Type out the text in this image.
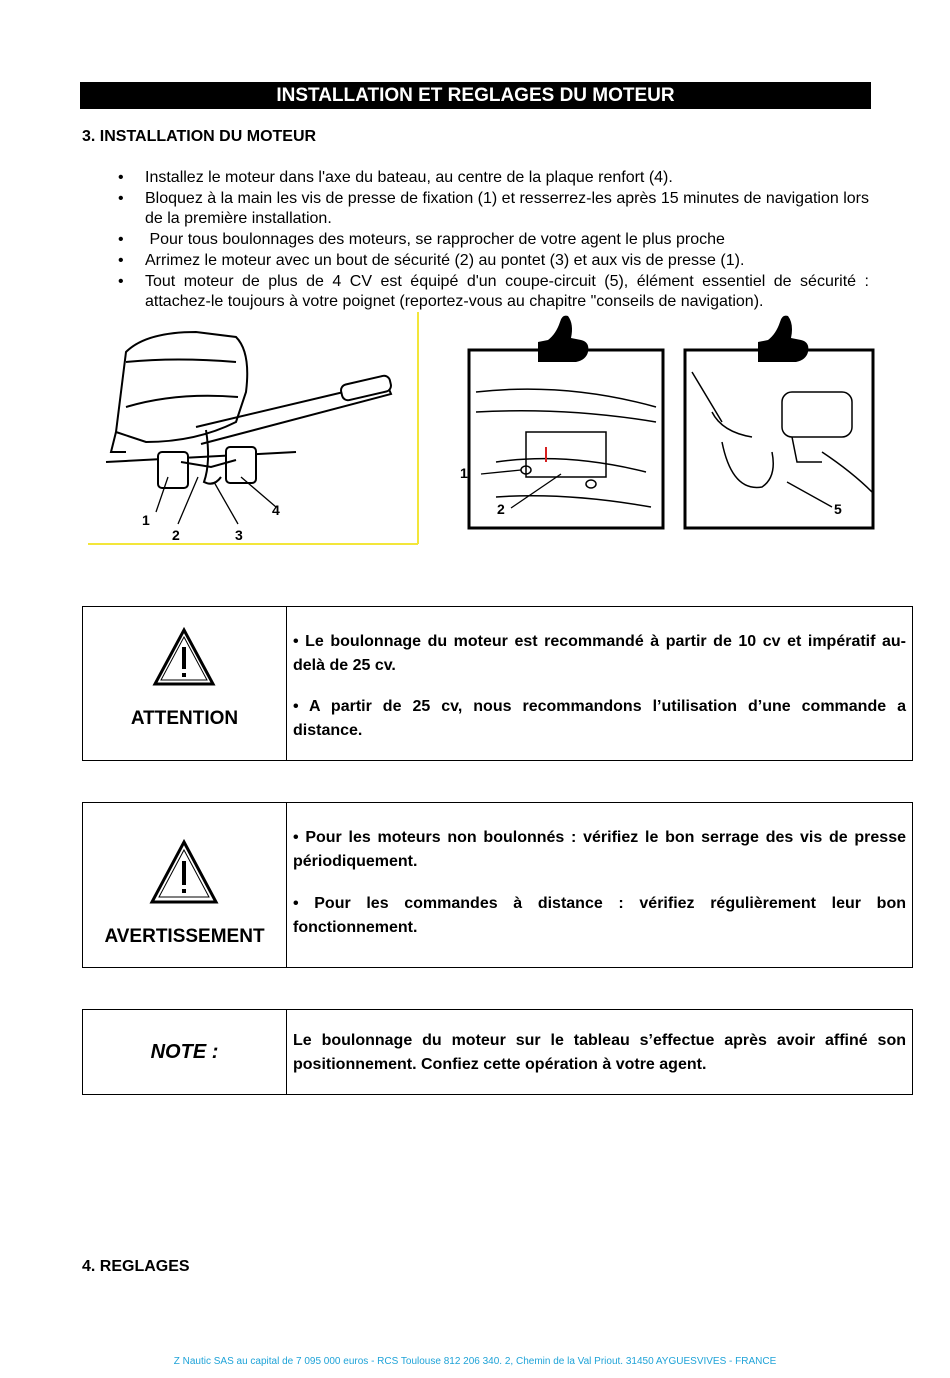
INSTALLATION ET REGLAGES DU MOTEUR
3. INSTALLATION DU MOTEUR
• Installez le moteur dans l'axe du bateau, au centre de la plaque renfort (4).
• Bloquez à la main les vis de presse de fixation (1) et resserrez-les après 15 minutes de navigation lors de la première installation.
• Pour tous boulonnages des moteurs, se rapprocher de votre agent le plus proche
• Arrimez le moteur avec un bout de sécurité (2) au pontet (3) et aux vis de presse (1).
• Tout moteur de plus de 4 CV est équipé d'un coupe-circuit (5), élément essentiel de sécurité : attachez-le toujours à votre poignet (reportez-vous au chapitre "conseils de navigation).
1
2	3
4
1
2	5
ATTENTION

• Le boulonnage du moteur est recommandé à partir de 10 cv et impératif au-delà de 25 cv.

• A partir de 25 cv, nous recommandons l’utilisation d’une commande a distance.

AVERTISSEMENT

• Pour les moteurs non boulonnés : vérifiez le bon serrage des vis de presse périodiquement.

• Pour les commandes à distance : vérifiez régulièrement leur bon fonctionnement.

NOTE :	Le boulonnage du moteur sur le tableau s’effectue après avoir affiné son positionnement. Confiez cette opération à votre agent.

4. REGLAGES
Z Nautic SAS au capital de 7 095 000 euros - RCS Toulouse 812 206 340. 2, Chemin de la Val Priout. 31450 AYGUESVIVES - FRANCE
